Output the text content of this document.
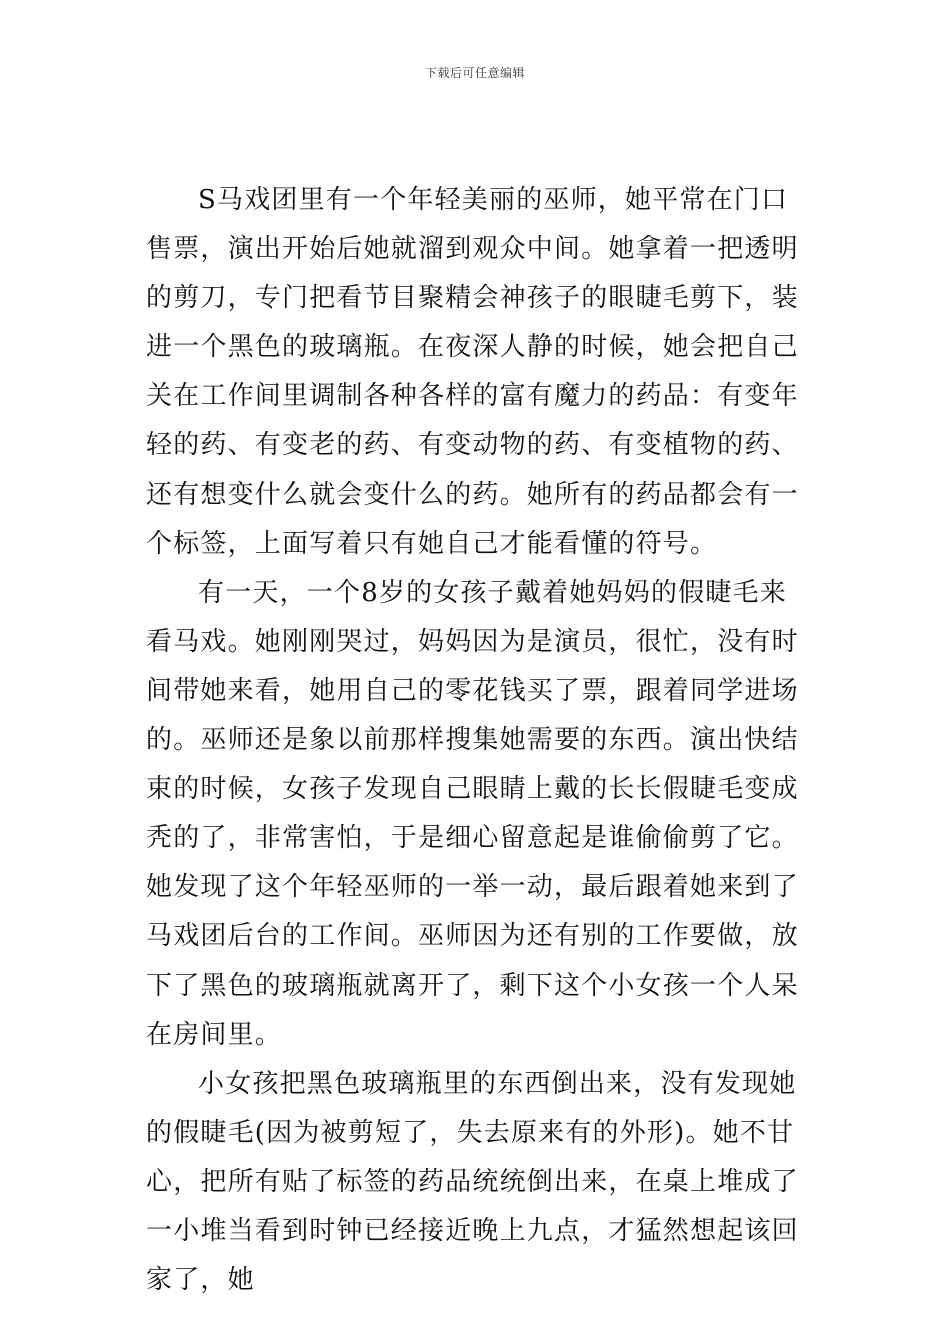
下载后可任意编辑

S马戏团里有一个年轻美丽的巫师，她平常在门口售票，演出开始后她就溜到观众中间。她拿着一把透明的剪刀，专门把看节目聚精会神孩子的眼睫毛剪下，装进一个黑色的玻璃瓶。在夜深人静的时候，她会把自己关在工作间里调制各种各样的富有魔力的药品：有变年轻的药、有变老的药、有变动物的药、有变植物的药、还有想变什么就会变什么的药。她所有的药品都会有一个标签，上面写着只有她自己才能看懂的符号。

有一天，一个8岁的女孩子戴着她妈妈的假睫毛来看马戏。她刚刚哭过，妈妈因为是演员，很忙，没有时间带她来看，她用自己的零花钱买了票，跟着同学进场的。巫师还是象以前那样搜集她需要的东西。演出快结束的时候，女孩子发现自己眼睛上戴的长长假睫毛变成秃的了，非常害怕，于是细心留意起是谁偷偷剪了它。她发现了这个年轻巫师的一举一动，最后跟着她来到了马戏团后台的工作间。巫师因为还有别的工作要做，放下了黑色的玻璃瓶就离开了，剩下这个小女孩一个人呆在房间里。

小女孩把黑色玻璃瓶里的东西倒出来，没有发现她的假睫毛(因为被剪短了，失去原来有的外形)。她不甘心，把所有贴了标签的药品统统倒出来，在桌上堆成了一小堆当看到时钟已经接近晚上九点，才猛然想起该回家了，她
